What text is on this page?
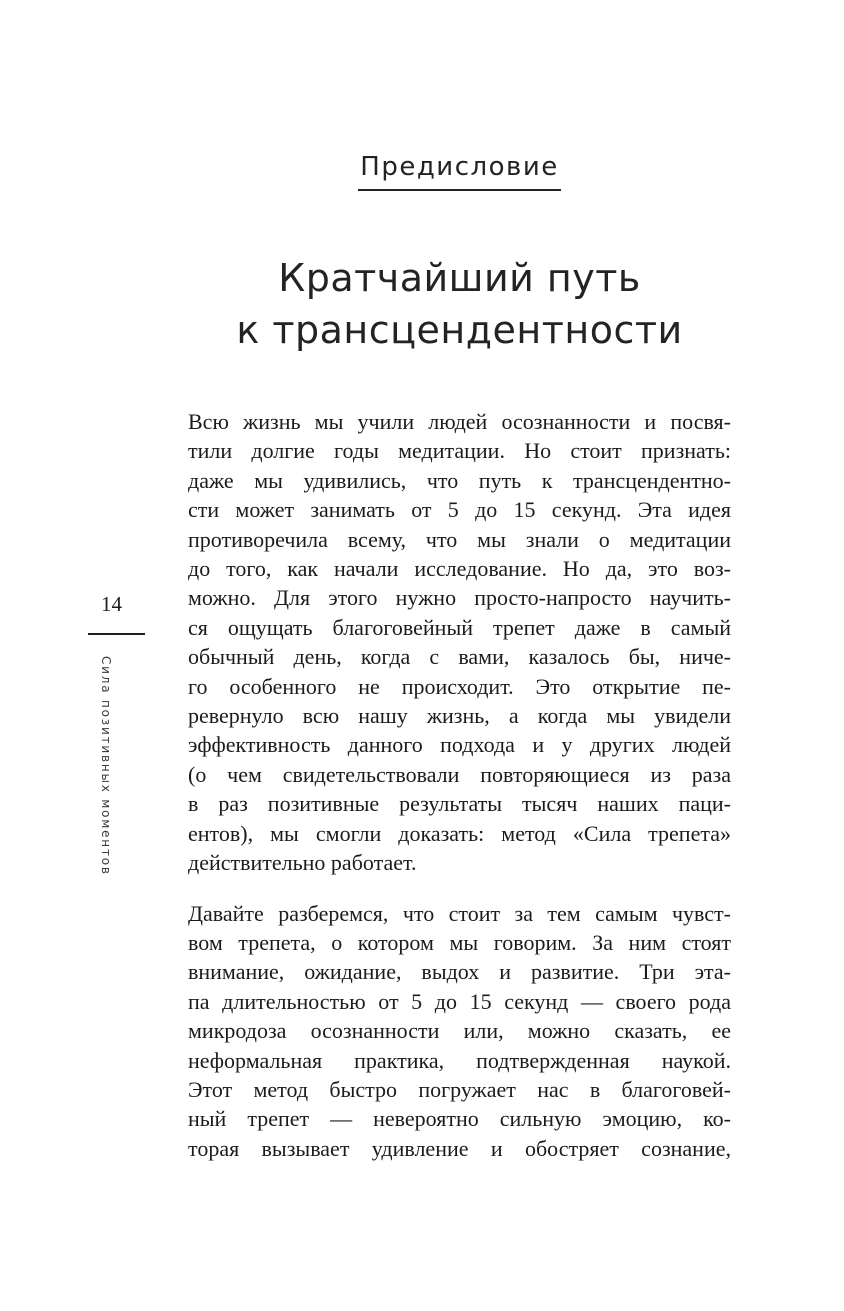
Предисловие
Кратчайший путь
к трансцендентности
14
Сила позитивных моментов
Всю жизнь мы учили людей осознанности и посвя-
тили долгие годы медитации. Но стоит признать:
даже мы удивились, что путь к трансцендентно-
сти может занимать от 5 до 15 секунд. Эта идея
противоречила всему, что мы знали о медитации
до того, как начали исследование. Но да, это воз-
можно. Для этого нужно просто-напросто научить-
ся ощущать благоговейный трепет даже в самый
обычный день, когда с вами, казалось бы, ниче-
го особенного не происходит. Это открытие пе-
ревернуло всю нашу жизнь, а когда мы увидели
эффективность данного подхода и у других людей
(о чем свидетельствовали повторяющиеся из раза
в раз позитивные результаты тысяч наших паци-
ентов), мы смогли доказать: метод «Сила трепета»
действительно работает.
Давайте разберемся, что стоит за тем самым чувст-
вом трепета, о котором мы говорим. За ним стоят
внимание, ожидание, выдох и развитие. Три эта-
па длительностью от 5 до 15 секунд — своего рода
микродоза осознанности или, можно сказать, ее
неформальная практика, подтвержденная наукой.
Этот метод быстро погружает нас в благоговей-
ный трепет — невероятно сильную эмоцию, ко-
торая вызывает удивление и обостряет сознание,
